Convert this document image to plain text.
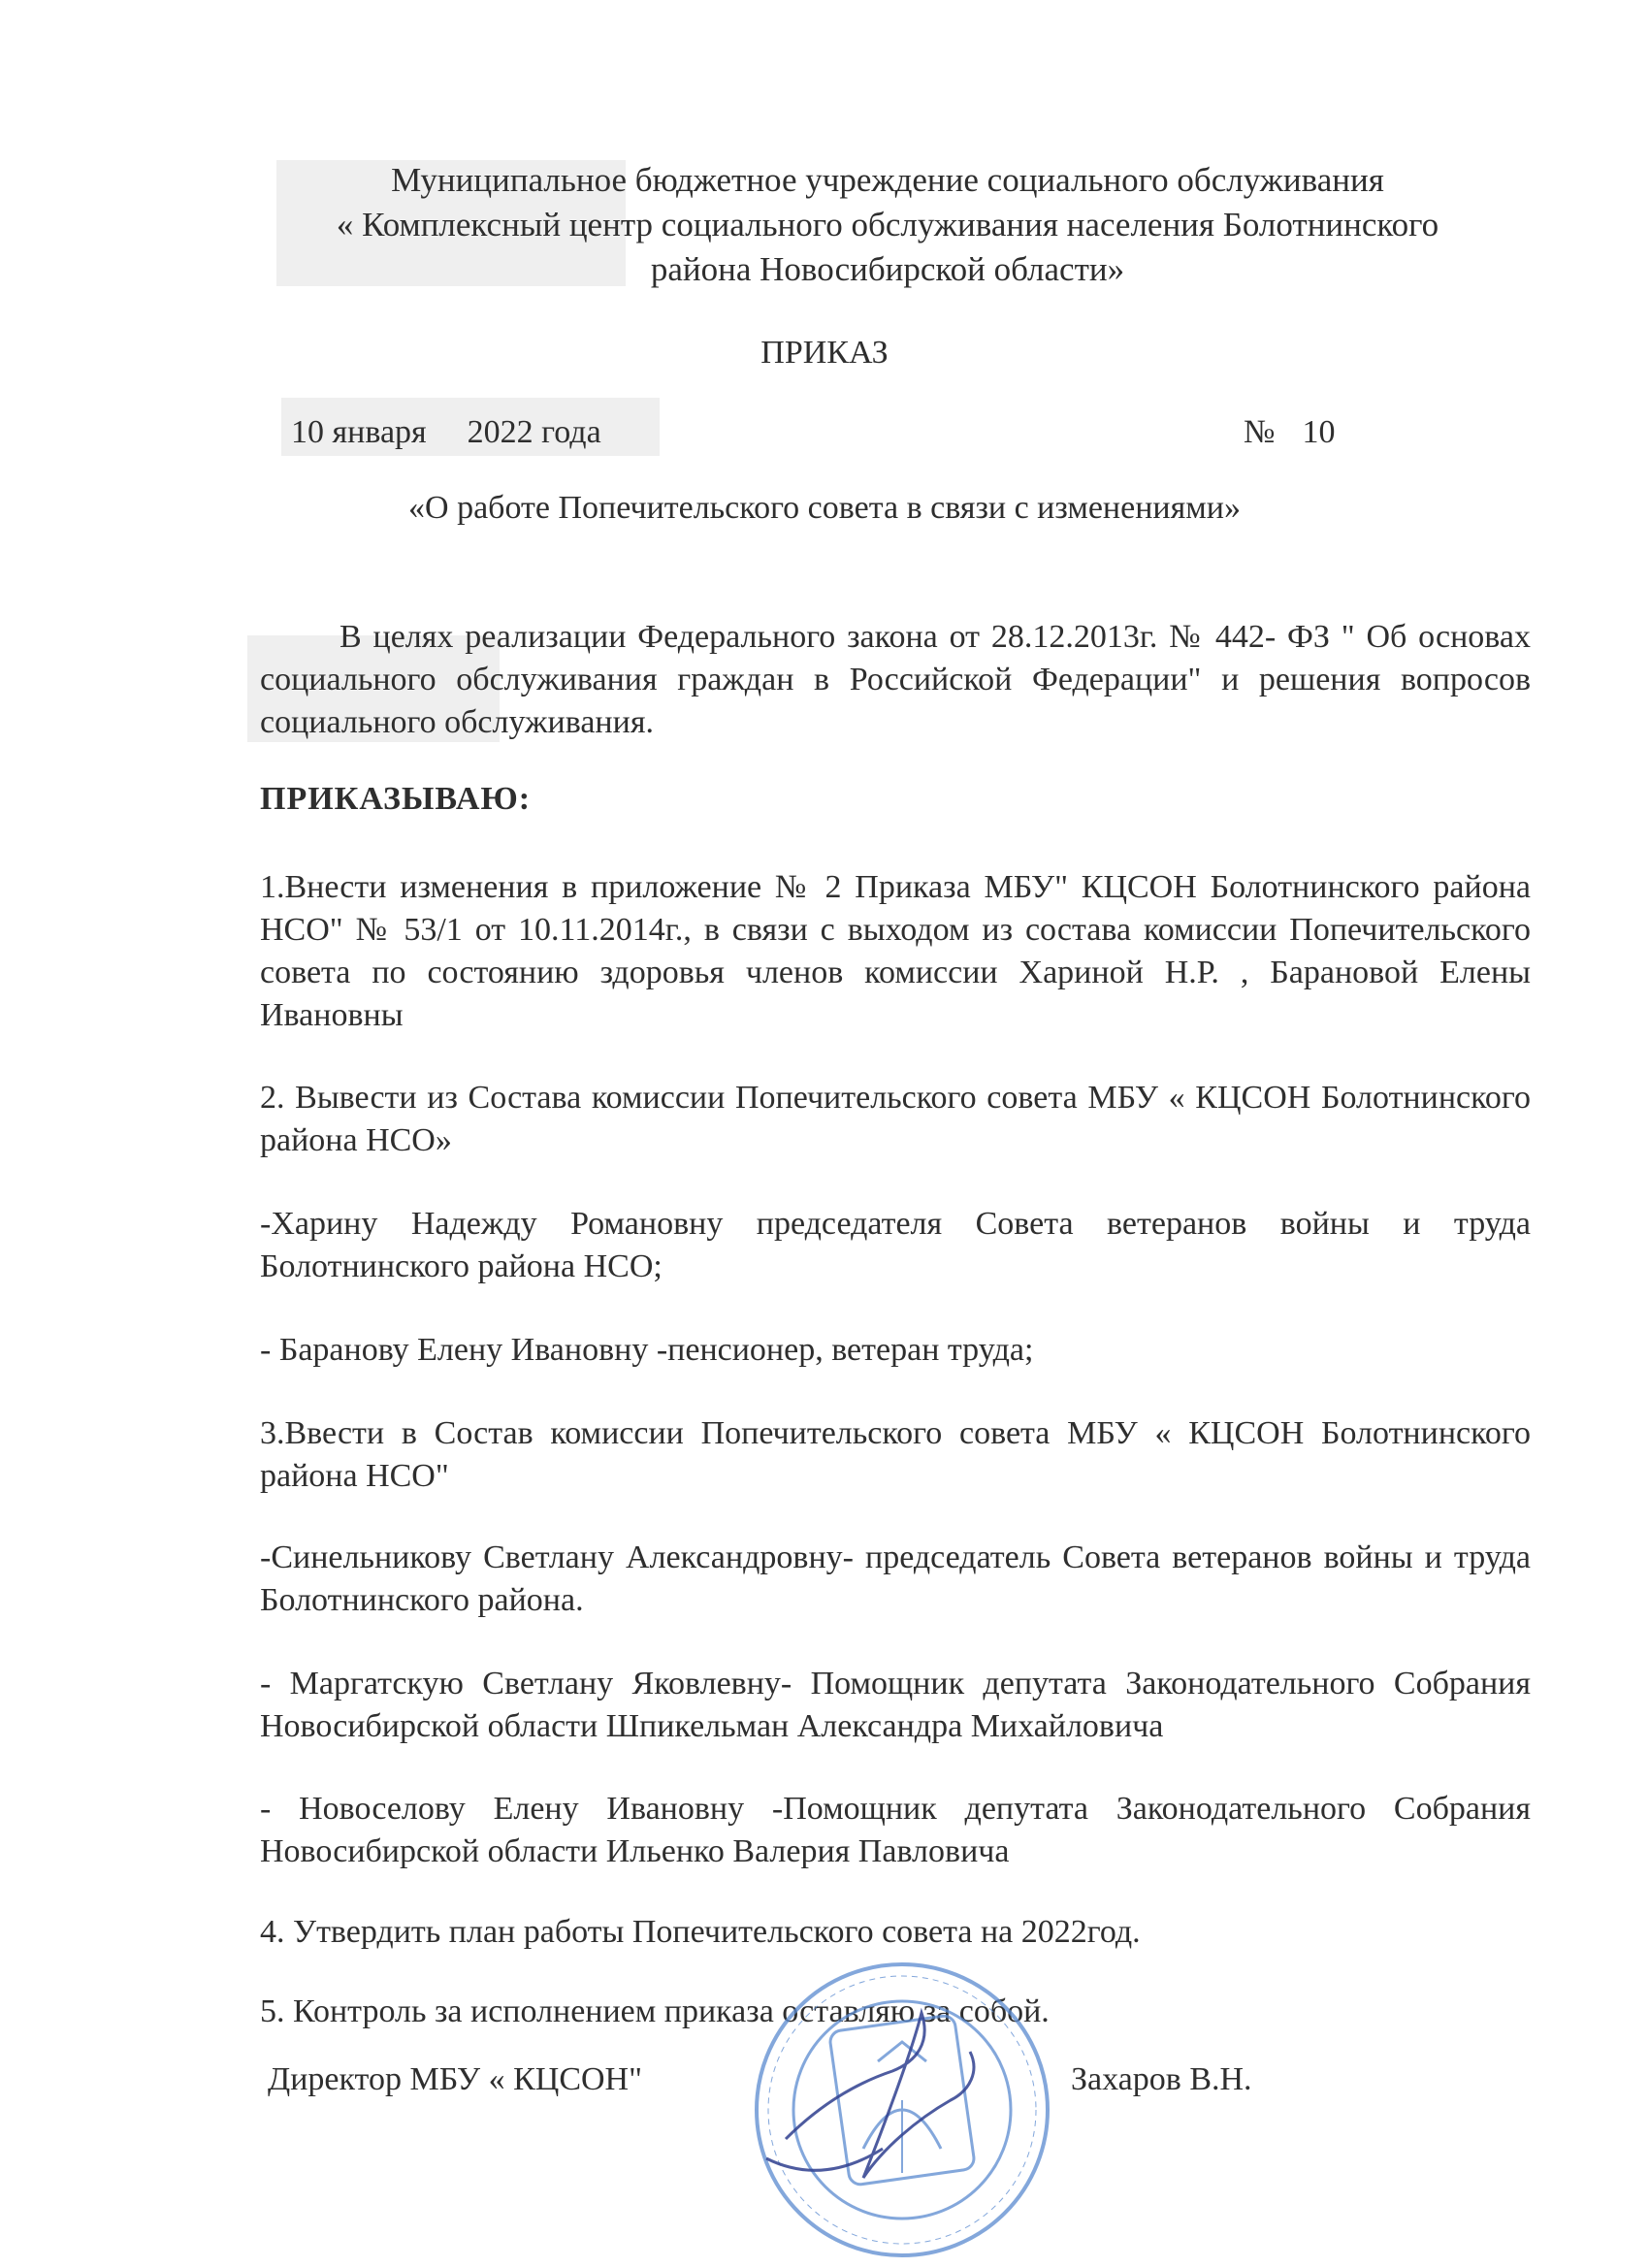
Муниципальное бюджетное учреждение социального обслуживания
« Комплексный центр социального обслуживания населения Болотнинского
района Новосибирской области»
ПРИКАЗ
10 января 2022 года	№ 10
«О работе Попечительского совета в связи с изменениями»
В целях реализации Федерального закона от 28.12.2013г. № 442- ФЗ " Об основах социального обслуживания граждан в Российской Федерации" и решения вопросов социального обслуживания.
ПРИКАЗЫВАЮ:
1.Внести изменения в приложение № 2 Приказа МБУ" КЦСОН Болотнинского района НСО" № 53/1 от 10.11.2014г., в связи с выходом из состава комиссии Попечительского совета по состоянию здоровья членов комиссии Хариной Н.Р. , Барановой Елены Ивановны
2. Вывести из Состава комиссии Попечительского совета МБУ « КЦСОН Болотнинского района НСО»
-Харину Надежду Романовну председателя Совета ветеранов войны и труда Болотнинского района НСО;
- Баранову Елену Ивановну -пенсионер, ветеран труда;
3.Ввести в Состав комиссии Попечительского совета МБУ « КЦСОН Болотнинского района НСО"
-Синельникову Светлану Александровну- председатель Совета ветеранов войны и труда Болотнинского района.
- Маргатскую Светлану Яковлевну- Помощник депутата Законодательного Собрания Новосибирской области Шпикельман Александра Михайловича
- Новоселову Елену Ивановну -Помощник депутата Законодательного Собрания Новосибирской области Ильенко Валерия Павловича
4. Утвердить план работы Попечительского совета на 2022год.
5. Контроль за исполнением приказа оставляю за собой.
Директор МБУ « КЦСОН"	Захаров В.Н.
